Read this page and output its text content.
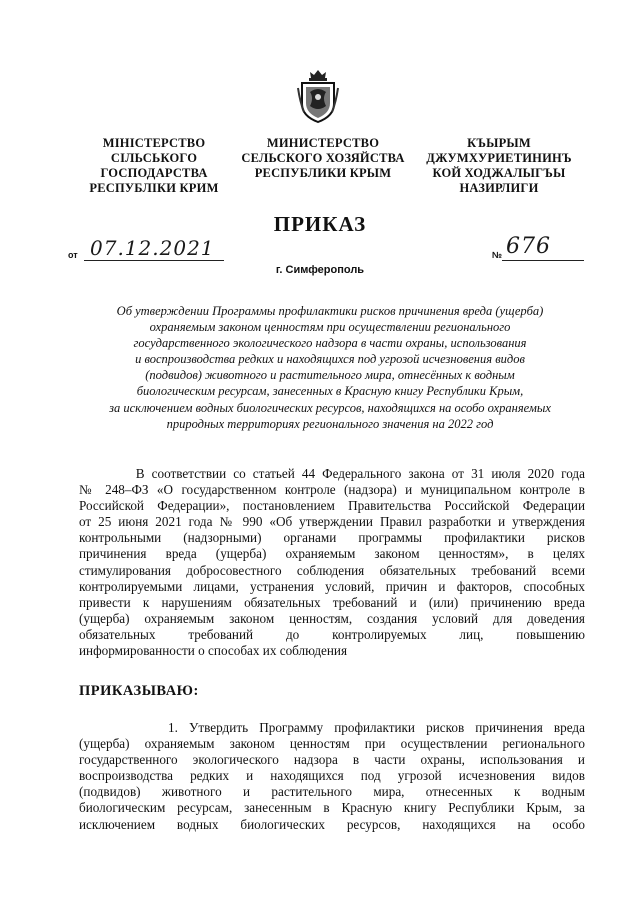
МІНІСТЕРСТВО
СІЛЬСЬКОГО
ГОСПОДАРСТВА
РЕСПУБЛІКИ КРИМ
МИНИСТЕРСТВО
СЕЛЬСКОГО ХОЗЯЙСТВА
РЕСПУБЛИКИ КРЫМ
КЪЫРЫМ
ДЖУМХУРИЕТИНИНЪ
КОЙ ХОДЖАЛЫГЪЫ
НАЗИРЛИГИ
ПРИКАЗ
от 07.12.2021	№ 676
г. Симферополь
Об утверждении Программы профилактики рисков причинения вреда (ущерба)
охраняемым законом ценностям при осуществлении регионального
государственного экологического надзора в части охраны, использования
и воспроизводства редких и находящихся под угрозой исчезновения видов
(подвидов) животного и растительного мира, отнесённых к водным
биологическим ресурсам, занесенных в Красную книгу Республики Крым,
за исключением водных биологических ресурсов, находящихся на особо охраняемых
природных территориях регионального значения на 2022 год
В соответствии со статьей 44 Федерального закона от 31 июля 2020 года
№ 248–ФЗ «О государственном контроле (надзора) и муниципальном контроле в
Российской Федерации», постановлением Правительства Российской Федерации
от 25 июня 2021 года № 990 «Об утверждении Правил разработки и утверждения
контрольными (надзорными) органами программы профилактики рисков
причинения вреда (ущерба) охраняемым законом ценностям», в целях
стимулирования добросовестного соблюдения обязательных требований всеми
контролируемыми лицами, устранения условий, причин и факторов, способных
привести к нарушениям обязательных требований и (или) причинению вреда
(ущерба) охраняемым законом ценностям, создания условий для доведения
обязательных требований до контролируемых лиц, повышению
информированности о способах их соблюдения
ПРИКАЗЫВАЮ:
1. Утвердить Программу профилактики рисков причинения вреда
(ущерба) охраняемым законом ценностям при осуществлении регионального
государственного экологического надзора в части охраны, использования и
воспроизводства редких и находящихся под угрозой исчезновения видов
(подвидов) животного и растительного мира, отнесенных к водным
биологическим ресурсам, занесенным в Красную книгу Республики Крым, за
исключением водных биологических ресурсов, находящихся на особо
